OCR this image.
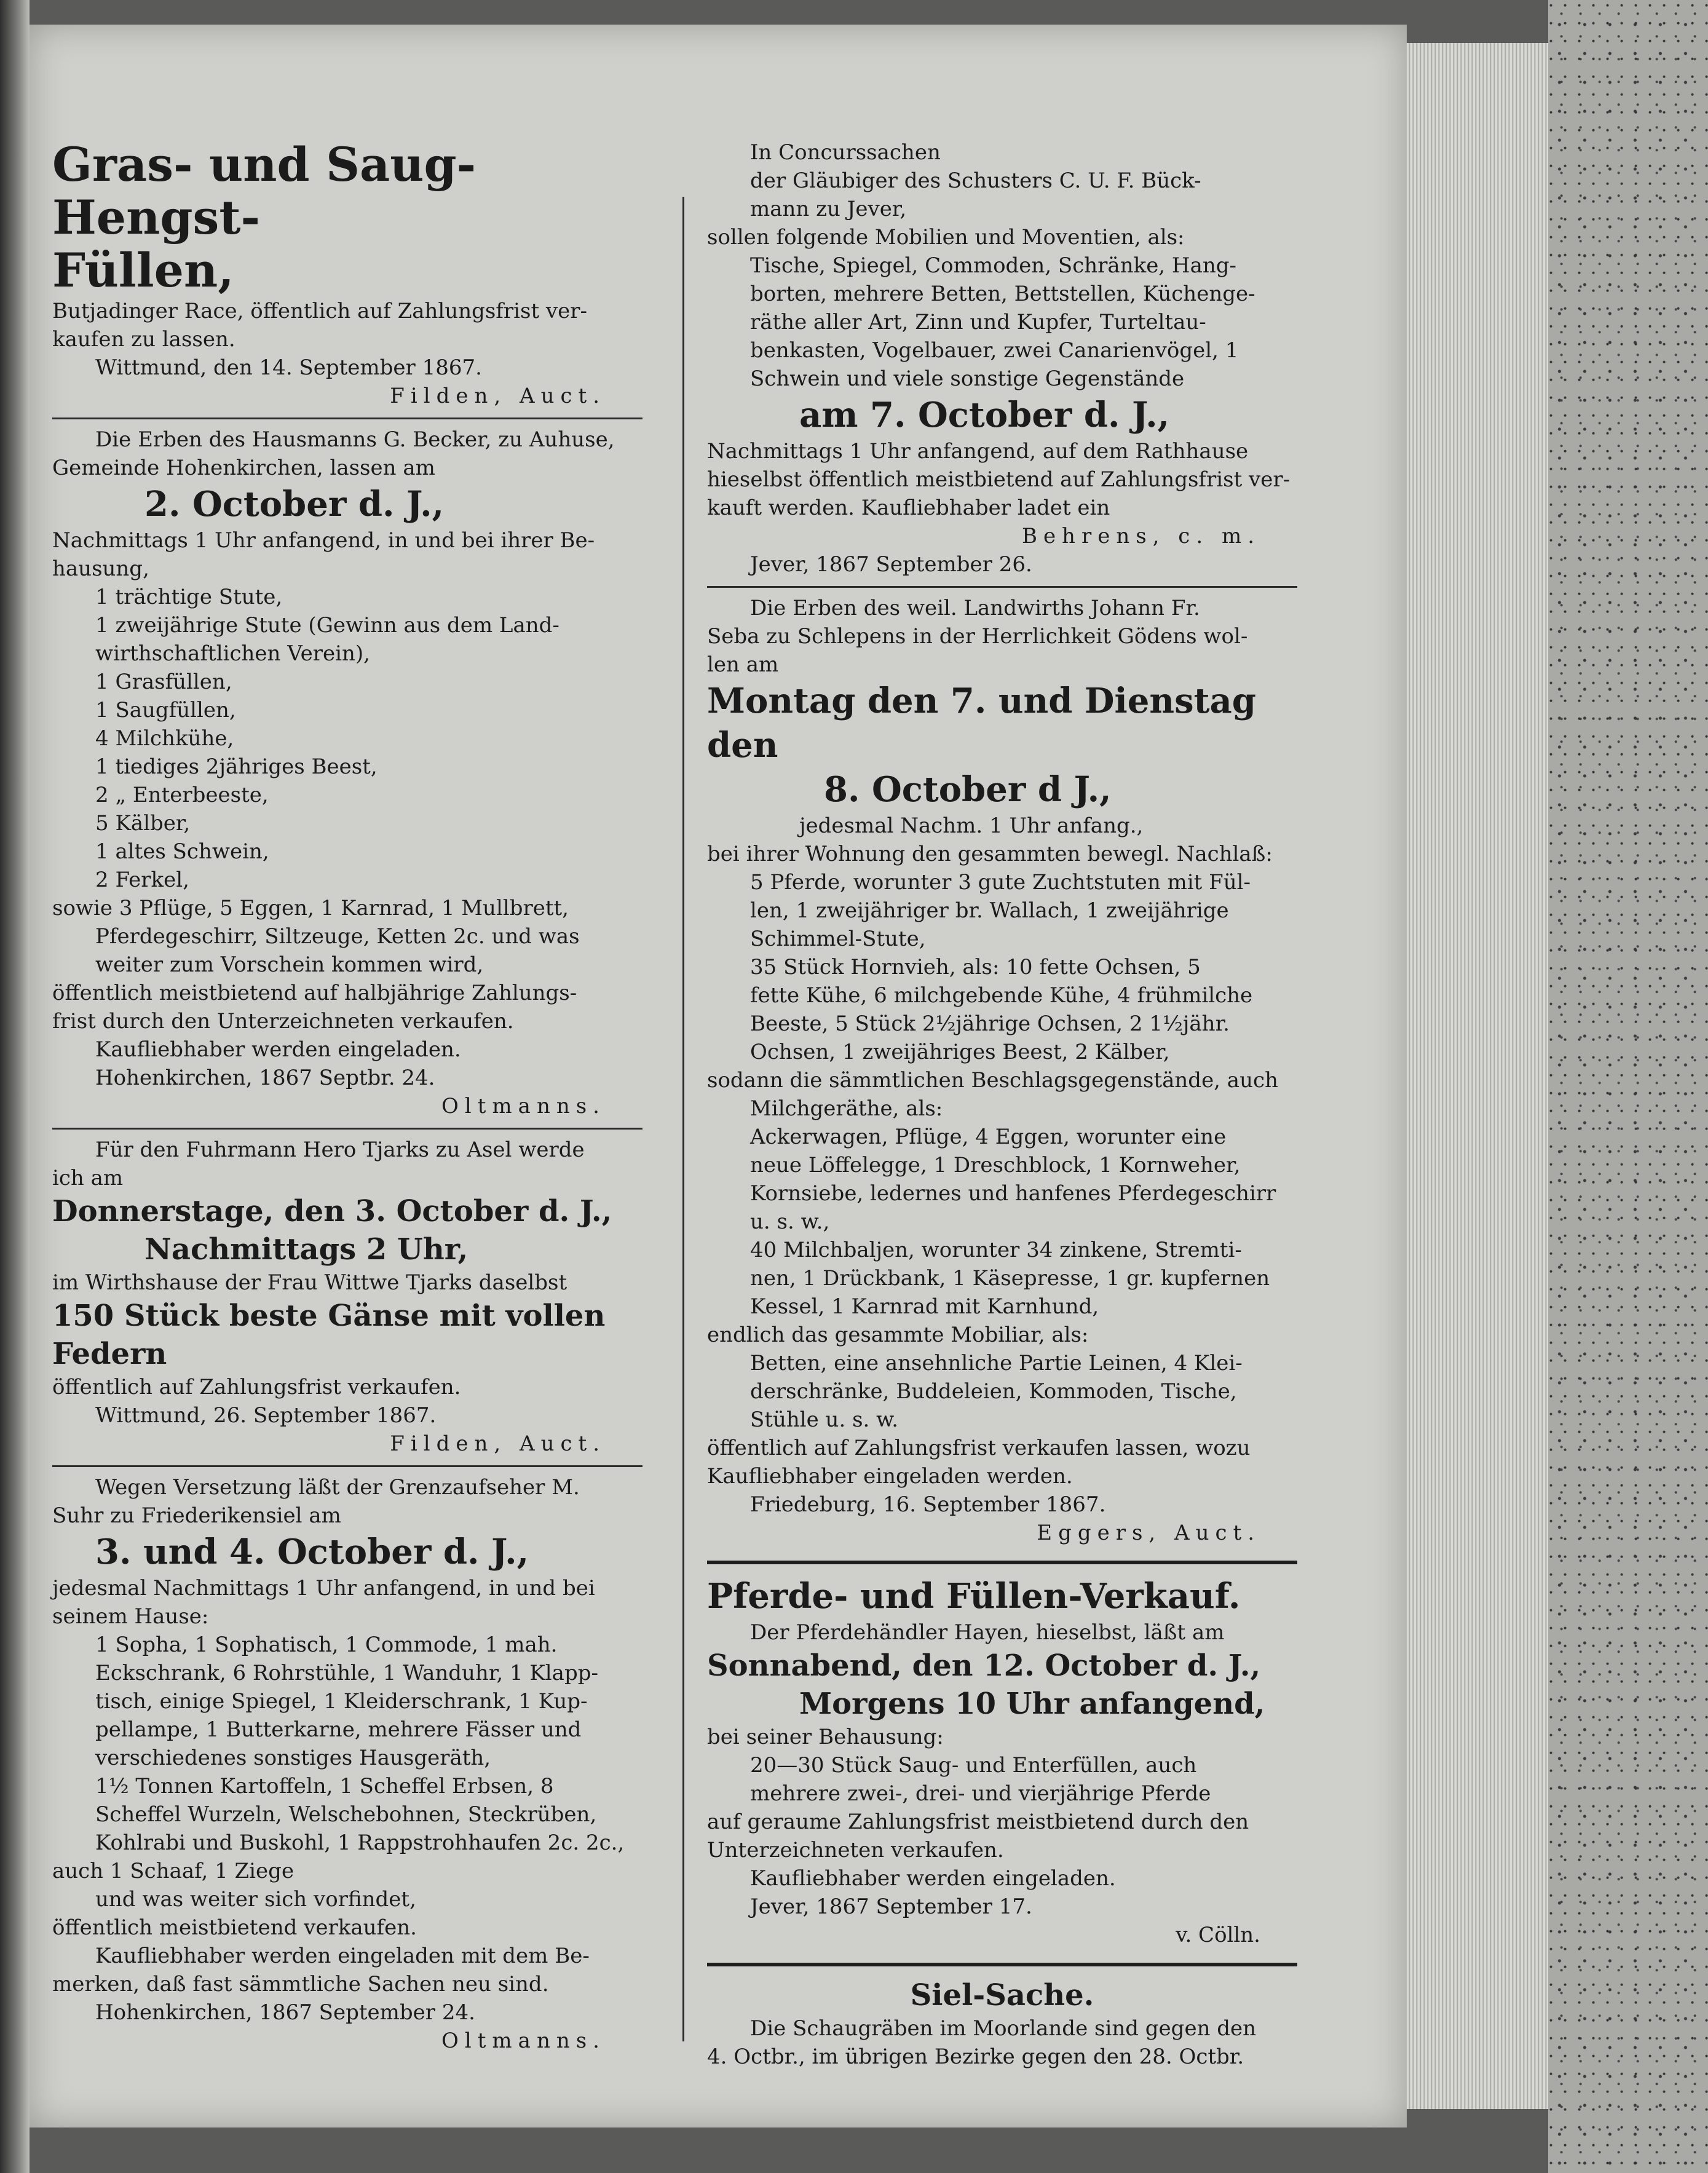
Gras- und Saug-Hengst-

Füllen,

Butjadinger Race, öffentlich auf Zahlungsfrist ver-

kaufen zu lassen.

Wittmund, den 14. September 1867.

Filden, Auct.

Die Erben des Hausmanns G. Becker, zu Auhuse,

Gemeinde Hohenkirchen, lassen am

2. October d. J.,

Nachmittags 1 Uhr anfangend, in und bei ihrer Be-

hausung,

1 trächtige Stute,

1 zweijährige Stute (Gewinn aus dem Land-

wirthschaftlichen Verein),

1 Grasfüllen,

1 Saugfüllen,

4 Milchkühe,

1 tiediges 2jähriges Beest,

2 „ Enterbeeste,

5 Kälber,

1 altes Schwein,

2 Ferkel,

sowie 3 Pflüge, 5 Eggen, 1 Karnrad, 1 Mullbrett,

Pferdegeschirr, Siltzeuge, Ketten 2c. und was

weiter zum Vorschein kommen wird,

öffentlich meistbietend auf halbjährige Zahlungs-

frist durch den Unterzeichneten verkaufen.

Kaufliebhaber werden eingeladen.

Hohenkirchen, 1867 Septbr. 24.

Oltmanns.

Für den Fuhrmann Hero Tjarks zu Asel werde

ich am

Donnerstage, den 3. October d. J.,

Nachmittags 2 Uhr,

im Wirthshause der Frau Wittwe Tjarks daselbst

150 Stück beste Gänse mit vollen

Federn

öffentlich auf Zahlungsfrist verkaufen.

Wittmund, 26. September 1867.

Filden, Auct.

Wegen Versetzung läßt der Grenzaufseher M.

Suhr zu Friederikensiel am

3. und 4. October d. J.,

jedesmal Nachmittags 1 Uhr anfangend, in und bei

seinem Hause:

1 Sopha, 1 Sophatisch, 1 Commode, 1 mah.

Eckschrank, 6 Rohrstühle, 1 Wanduhr, 1 Klapp-

tisch, einige Spiegel, 1 Kleiderschrank, 1 Kup-

pellampe, 1 Butterkarne, mehrere Fässer und

verschiedenes sonstiges Hausgeräth,

1½ Tonnen Kartoffeln, 1 Scheffel Erbsen, 8

Scheffel Wurzeln, Welschebohnen, Steckrüben,

Kohlrabi und Buskohl, 1 Rappstrohhaufen 2c. 2c.,

auch 1 Schaaf, 1 Ziege

und was weiter sich vorfindet,

öffentlich meistbietend verkaufen.

Kaufliebhaber werden eingeladen mit dem Be-

merken, daß fast sämmtliche Sachen neu sind.

Hohenkirchen, 1867 September 24.

Oltmanns.

In Concurssachen

der Gläubiger des Schusters C. U. F. Bück-

mann zu Jever,

sollen folgende Mobilien und Moventien, als:

Tische, Spiegel, Commoden, Schränke, Hang-

borten, mehrere Betten, Bettstellen, Küchenge-

räthe aller Art, Zinn und Kupfer, Turteltau-

benkasten, Vogelbauer, zwei Canarienvögel, 1

Schwein und viele sonstige Gegenstände

am 7. October d. J.,

Nachmittags 1 Uhr anfangend, auf dem Rathhause

hieselbst öffentlich meistbietend auf Zahlungsfrist ver-

kauft werden. Kaufliebhaber ladet ein

Behrens, c. m.

Jever, 1867 September 26.

Die Erben des weil. Landwirths Johann Fr.

Seba zu Schlepens in der Herrlichkeit Gödens wol-

len am

Montag den 7. und Dienstag den

8. October d J.,

jedesmal Nachm. 1 Uhr anfang.,

bei ihrer Wohnung den gesammten bewegl. Nachlaß:

5 Pferde, worunter 3 gute Zuchtstuten mit Fül-

len, 1 zweijähriger br. Wallach, 1 zweijährige

Schimmel-Stute,

35 Stück Hornvieh, als: 10 fette Ochsen, 5

fette Kühe, 6 milchgebende Kühe, 4 frühmilche

Beeste, 5 Stück 2½jährige Ochsen, 2 1½jähr.

Ochsen, 1 zweijähriges Beest, 2 Kälber,

sodann die sämmtlichen Beschlagsgegenstände, auch

Milchgeräthe, als:

Ackerwagen, Pflüge, 4 Eggen, worunter eine

neue Löffelegge, 1 Dreschblock, 1 Kornweher,

Kornsiebe, ledernes und hanfenes Pferdegeschirr

u. s. w.,

40 Milchbaljen, worunter 34 zinkene, Stremti-

nen, 1 Drückbank, 1 Käsepresse, 1 gr. kupfernen

Kessel, 1 Karnrad mit Karnhund,

endlich das gesammte Mobiliar, als:

Betten, eine ansehnliche Partie Leinen, 4 Klei-

derschränke, Buddeleien, Kommoden, Tische,

Stühle u. s. w.

öffentlich auf Zahlungsfrist verkaufen lassen, wozu

Kaufliebhaber eingeladen werden.

Friedeburg, 16. September 1867.

Eggers, Auct.

Pferde- und Füllen-Verkauf.

Der Pferdehändler Hayen, hieselbst, läßt am

Sonnabend, den 12. October d. J.,

Morgens 10 Uhr anfangend,

bei seiner Behausung:

20—30 Stück Saug- und Enterfüllen, auch

mehrere zwei-, drei- und vierjährige Pferde

auf geraume Zahlungsfrist meistbietend durch den

Unterzeichneten verkaufen.

Kaufliebhaber werden eingeladen.

Jever, 1867 September 17.

v. Cölln.

Siel-Sache.

Die Schaugräben im Moorlande sind gegen den

4. Octbr., im übrigen Bezirke gegen den 28. Octbr.
